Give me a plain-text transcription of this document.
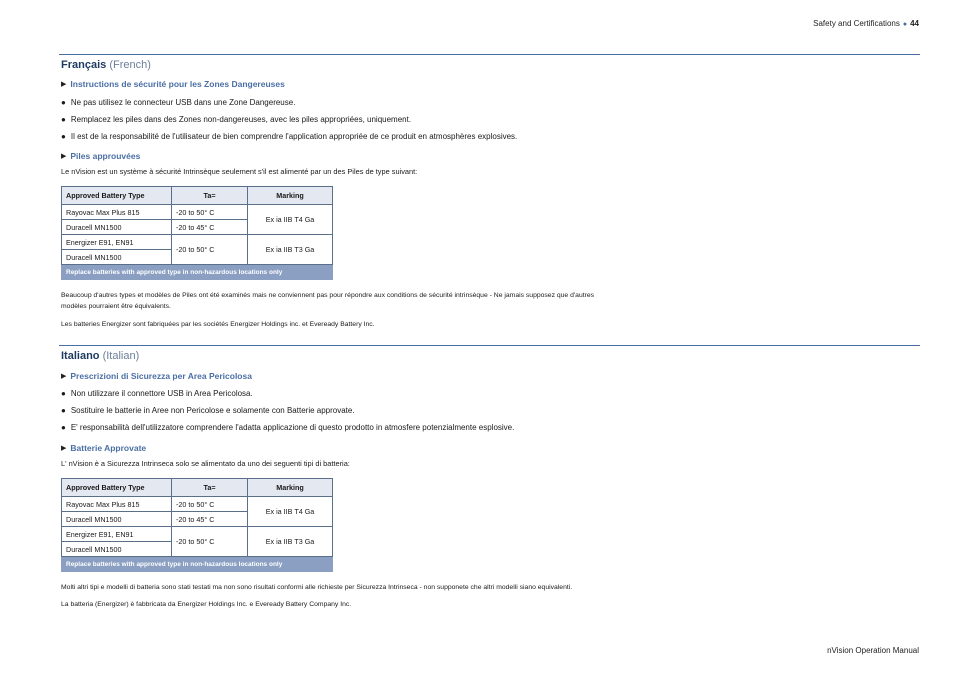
Safety and Certifications ● 44
Français (French)
▶ Instructions de sécurité pour les Zones Dangereuses
● Ne pas utilisez le connecteur USB dans une Zone Dangereuse.
● Remplacez les piles dans des Zones non-dangereuses, avec les piles appropriées, uniquement.
● Il est de la responsabilité de l'utilisateur de bien comprendre l'application appropriée de ce produit en atmosphères explosives.
▶ Piles approuvées
Le nVision est un système à sécurité Intrinsèque seulement s'il est alimenté par un des Piles de type suivant:
Approved Battery Type	Ta=	Marking
Rayovac Max Plus 815	-20 to 50° C	Ex ia IIB T4 Ga
Duracell MN1500	-20 to 45° C	
Energizer E91, EN91	-20 to 50° C	Ex ia IIB T3 Ga
Duracell MN1500		
Replace batteries with approved type in non-hazardous locations only		
Beaucoup d'autres types et modèles de Piles ont été examinés mais ne conviennent pas pour répondre aux conditions de sécurité intrinsèque - Ne jamais supposez que d'autres
modèles pourraient être équivalents.
Les batteries Energizer sont fabriquées par les sociétés Energizer Holdings inc. et Eveready Battery Inc.
Italiano (Italian)
▶ Prescrizioni di Sicurezza per Area Pericolosa
● Non utilizzare il connettore USB in Area Pericolosa.
● Sostituire le batterie in Aree non Pericolose e solamente con Batterie approvate.
● E' responsabilità dell'utilizzatore comprendere l'adatta applicazione di questo prodotto in atmosfere potenzialmente esplosive.
▶ Batterie Approvate
L' nVision è a Sicurezza Intrinseca solo se alimentato da uno dei seguenti tipi di batteria:
Approved Battery Type	Ta=	Marking
Rayovac Max Plus 815	-20 to 50° C	Ex ia IIB T4 Ga
Duracell MN1500	-20 to 45° C	
Energizer E91, EN91	-20 to 50° C	Ex ia IIB T3 Ga
Duracell MN1500		
Replace batteries with approved type in non-hazardous locations only		
Molti altri tipi e modelli di batteria sono stati testati ma non sono risultati conformi alle richieste per Sicurezza Intrinseca - non supponete che altri modelli siano equivalenti.
La batteria (Energizer) è fabbricata da Energizer Holdings Inc. e Eveready Battery Company Inc.
nVision Operation Manual
